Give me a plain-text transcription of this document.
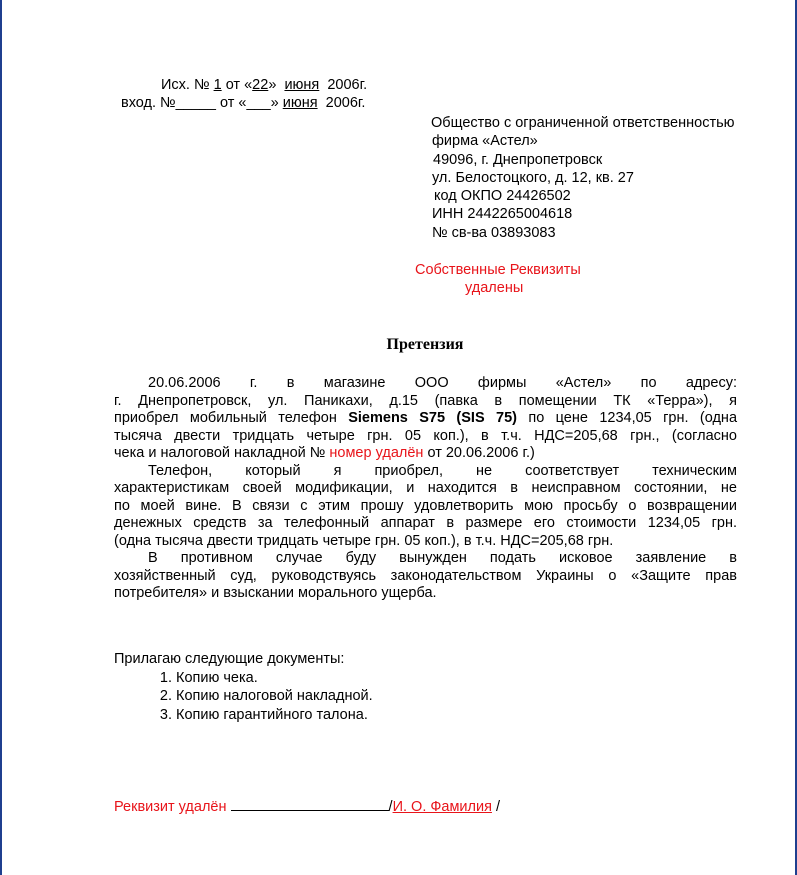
Исх. № 1 от «22» июня 2006г.
вход. №_____ от «___» июня 2006г.
Общество с ограниченной ответственностью
фирма «Астел»
49096, г. Днепропетровск
ул. Белостоцкого, д. 12, кв. 27
код ОКПО 24426502
ИНН 2442265004618
№ св-ва 03893083
Собственные Реквизиты
удалены
Претензия

20.06.2006 г. в магазине ООО фирмы «Астел» по адресу:

г. Днепропетровск, ул. Паникахи, д.15 (павка в помещении ТК «Терра»), я

приобрел мобильный телефон Siemens S75 (SIS 75) по цене 1234,05 грн. (одна

тысяча двести тридцать четыре грн. 05 коп.), в т.ч. НДС=205,68 грн., (согласно

чека и налоговой накладной № номер удалён от 20.06.2006 г.)

Телефон, который я приобрел, не соответствует техническим

характеристикам своей модификации, и находится в неисправном состоянии, не

по моей вине. В связи с этим прошу удовлетворить мою просьбу о возвращении

денежных средств за телефонный аппарат в размере его стоимости 1234,05 грн.

(одна тысяча двести тридцать четыре грн. 05 коп.), в т.ч. НДС=205,68 грн.

В противном случае буду вынужден подать исковое заявление в

хозяйственный суд, руководствуясь законодательством Украины о «Защите прав

потребителя» и взыскании морального ущерба.

Прилагаю следующие документы:
1. Копию чека.
2. Копию налоговой накладной.
3. Копию гарантийного талона.
Реквизит удалён	/И. О. Фамилия /
